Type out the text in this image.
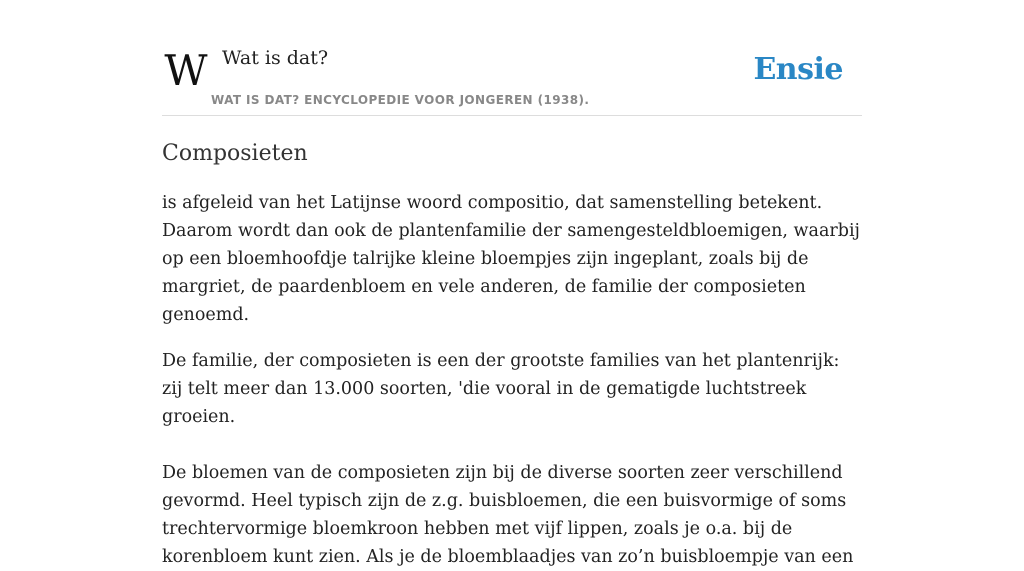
W Wat is dat?
WAT IS DAT? ENCYCLOPEDIE VOOR JONGEREN (1938).
Ensie
Composieten

is afgeleid van het Latijnse woord compositio, dat samenstelling betekent. Daarom wordt dan ook de plantenfamilie der samengesteldbloemigen, waarbij op een bloemhoofdje talrijke kleine bloempjes zijn ingeplant, zoals bij de margriet, de paardenbloem en vele anderen, de familie der composieten genoemd.

De familie, der composieten is een der grootste families van het plantenrijk: zij telt meer dan 13.000 soorten, 'die vooral in de gematigde luchtstreek groeien.

De bloemen van de composieten zijn bij de diverse soorten zeer verschillend gevormd. Heel typisch zijn de z.g. buisbloemen, die een buisvormige of soms trechtervormige bloemkroon hebben met vijf lippen, zoals je o.a. bij de korenbloem kunt zien. Als je de bloemblaadjes van zo’n buisbloempje van een
